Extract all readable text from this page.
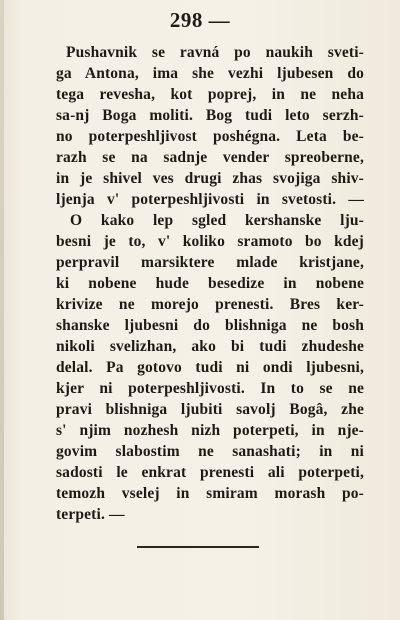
298 —
Pushavnik se ravná po naukih sveti-
ga Antona, ima she vezhi ljubesen do
tega revesha, kot poprej, in ne neha
sa-nj Boga moliti. Bog tudi leto serzh-
no poterpeshljivost poshégna. Leta be-
razh se na sadnje vender spreoberne,
in je shivel ves drugi zhas svojiga shiv-
ljenja v' poterpeshljivosti in svetosti. —
O kako lep sgled kershanske lju-
besni je to, v' koliko sramoto bo kdej
perpravil marsiktere mlade kristjane,
ki nobene hude besedize in nobene
krivize ne morejo prenesti. Bres ker-
shanske ljubesni do blishniga ne bosh
nikoli svelizhan, ako bi tudi zhudeshe
delal. Pa gotovo tudi ni ondi ljubesni,
kjer ni poterpeshljivosti. In to se ne
pravi blishniga ljubiti savolj Bogâ, zhe
s' njim nozhesh nizh poterpeti, in nje-
govim slabostim ne sanashati; in ni
sadosti le enkrat prenesti ali poterpeti,
temozh vselej in smiram morash po-
terpeti. —
